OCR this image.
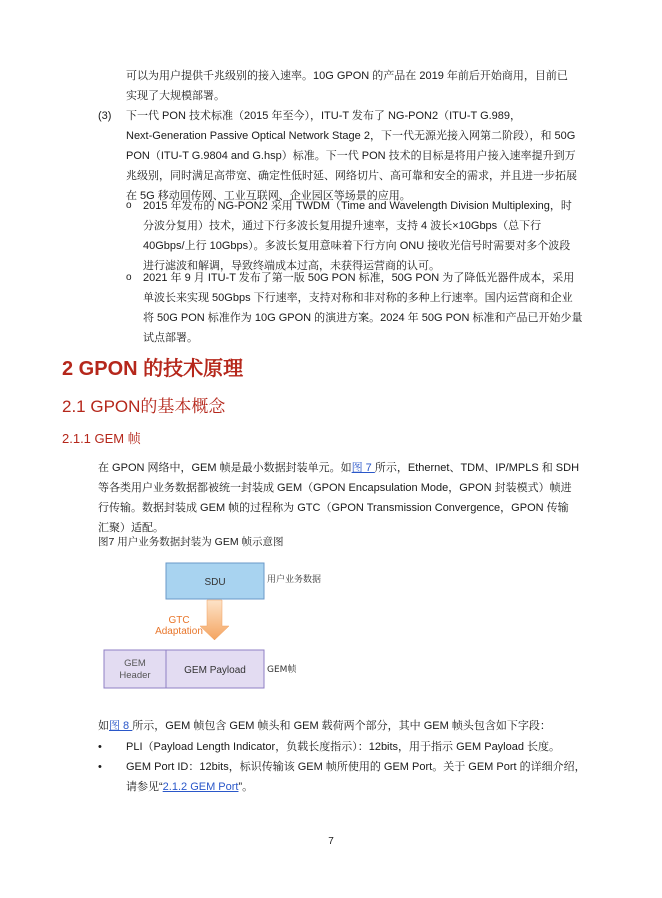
可以为用户提供千兆级别的接入速率。10G GPON 的产品在 2019 年前后开始商用，目前已
实现了大规模部署。
(3) 下一代 PON 技术标准（2015 年至今），ITU-T 发布了 NG-PON2（ITU-T G.989，
Next-Generation Passive Optical Network Stage 2，下一代无源光接入网第二阶段），和 50G
PON（ITU-T G.9804 and G.hsp）标准。下一代 PON 技术的目标是将用户接入速率提升到万
兆级别，同时满足高带宽、确定性低时延、网络切片、高可靠和安全的需求，并且进一步拓展
在 5G 移动回传网、工业互联网、企业园区等场景的应用。
o 2015 年发布的 NG-PON2 采用 TWDM（Time and Wavelength Division Multiplexing，时
分波分复用）技术，通过下行多波长复用提升速率，支持 4 波长×10Gbps（总下行
40Gbps/上行 10Gbps）。多波长复用意味着下行方向 ONU 接收光信号时需要对多个波段
进行滤波和解调，导致终端成本过高，未获得运营商的认可。
o 2021 年 9 月 ITU-T 发布了第一版 50G PON 标准，50G PON 为了降低光器件成本，采用
单波长来实现 50Gbps 下行速率，支持对称和非对称的多种上行速率。国内运营商和企业
将 50G PON 标准作为 10G GPON 的演进方案。2024 年 50G PON 标准和产品已开始少量
试点部署。
2 GPON 的技术原理
2.1 GPON的基本概念
2.1.1 GEM 帧
在 GPON 网络中，GEM 帧是最小数据封装单元。如图 7 所示，Ethernet、TDM、IP/MPLS 和 SDH
等各类用户业务数据都被统一封装成 GEM（GPON Encapsulation Mode，GPON 封装模式）帧进
行传输。数据封装成 GEM 帧的过程称为 GTC（GPON Transmission Convergence，GPON 传输
汇聚）适配。
图7 用户业务数据封装为 GEM 帧示意图
SDU	用户业务数据
GTC
Adaptation
GEM
Header	GEM Payload GEM帧
如图 8 所示，GEM 帧包含 GEM 帧头和 GEM 载荷两个部分，其中 GEM 帧头包含如下字段：
• PLI（Payload Length Indicator，负载长度指示）：12bits，用于指示 GEM Payload 长度。
• GEM Port ID：12bits，标识传输该 GEM 帧所使用的 GEM Port。关于 GEM Port 的详细介绍，
请参见“2.1.2 GEM Port”。
7
